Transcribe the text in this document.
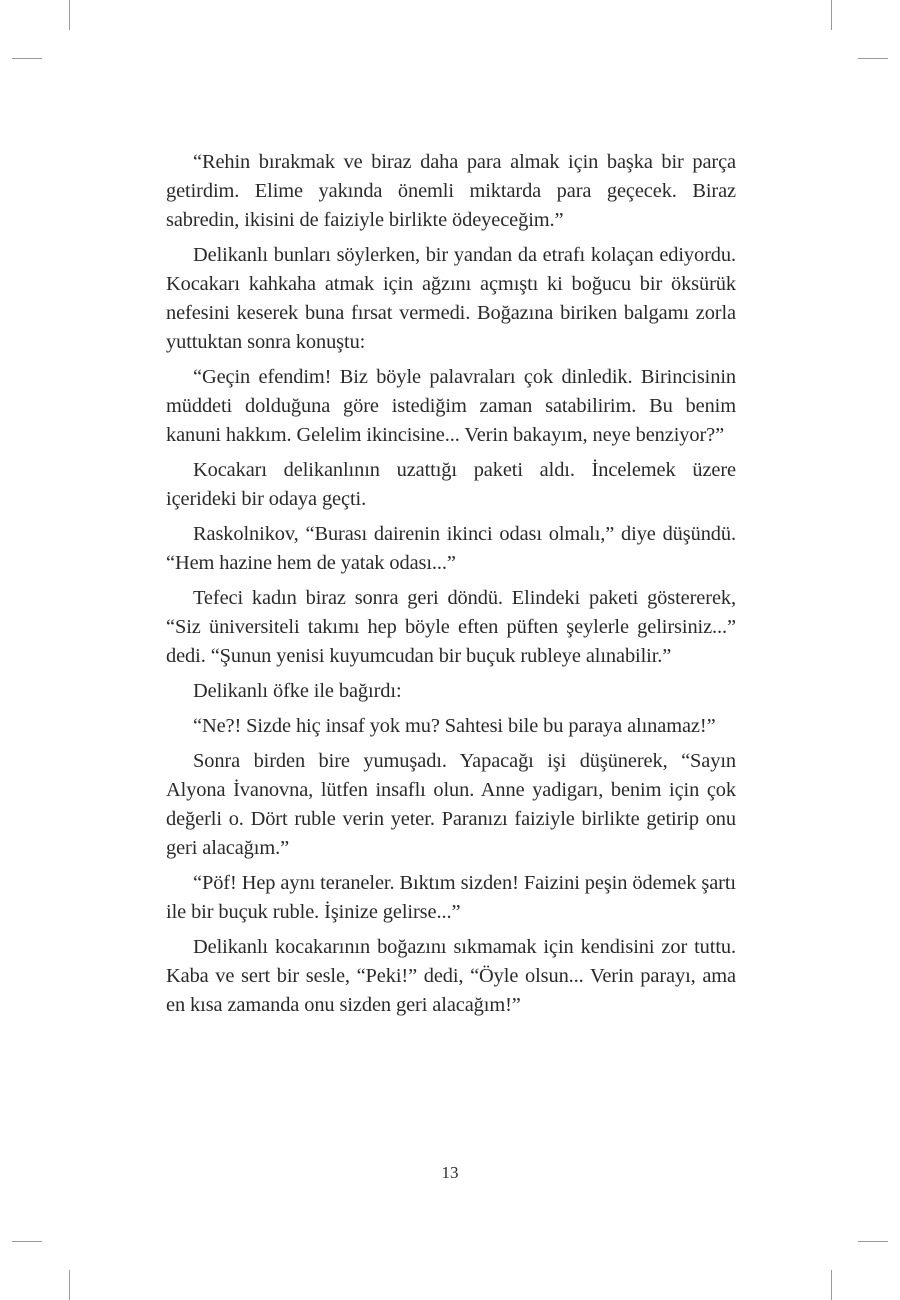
“Rehin bırakmak ve biraz daha para almak için başka bir parça getirdim. Elime yakında önemli miktarda para geçecek. Biraz sabredin, ikisini de faiziyle birlikte ödeyeceğim.”

Delikanlı bunları söylerken, bir yandan da etrafı kolaçan ediyordu. Kocakarı kahkaha atmak için ağzını açmıştı ki boğucu bir öksürük nefesini keserek buna fırsat vermedi. Boğazına biriken balgamı zorla yuttuktan sonra konuştu:

“Geçin efendim! Biz böyle palavraları çok dinledik. Birincisinin müddeti dolduğuna göre istediğim zaman satabilirim. Bu benim kanuni hakkım. Gelelim ikincisine... Verin bakayım, neye benziyor?”

Kocakarı delikanlının uzattığı paketi aldı. İncelemek üzere içerideki bir odaya geçti.

Raskolnikov, “Burası dairenin ikinci odası olmalı,” diye düşündü. “Hem hazine hem de yatak odası...”

Tefeci kadın biraz sonra geri döndü. Elindeki paketi göstererek, “Siz üniversiteli takımı hep böyle eften püften şeylerle gelirsiniz...” dedi. “Şunun yenisi kuyumcudan bir buçuk rubleye alınabilir.”

Delikanlı öfke ile bağırdı:

“Ne?! Sizde hiç insaf yok mu? Sahtesi bile bu paraya alınamaz!”

Sonra birden bire yumuşadı. Yapacağı işi düşünerek, “Sayın Alyona İvanovna, lütfen insaflı olun. Anne yadigarı, benim için çok değerli o. Dört ruble verin yeter. Paranızı faiziyle birlikte getirip onu geri alacağım.”

“Pöf! Hep aynı teraneler. Bıktım sizden! Faizini peşin ödemek şartı ile bir buçuk ruble. İşinize gelirse...”

Delikanlı kocakarının boğazını sıkmamak için kendisini zor tuttu. Kaba ve sert bir sesle, “Peki!” dedi, “Öyle olsun... Verin parayı, ama en kısa zamanda onu sizden geri alacağım!”

13
